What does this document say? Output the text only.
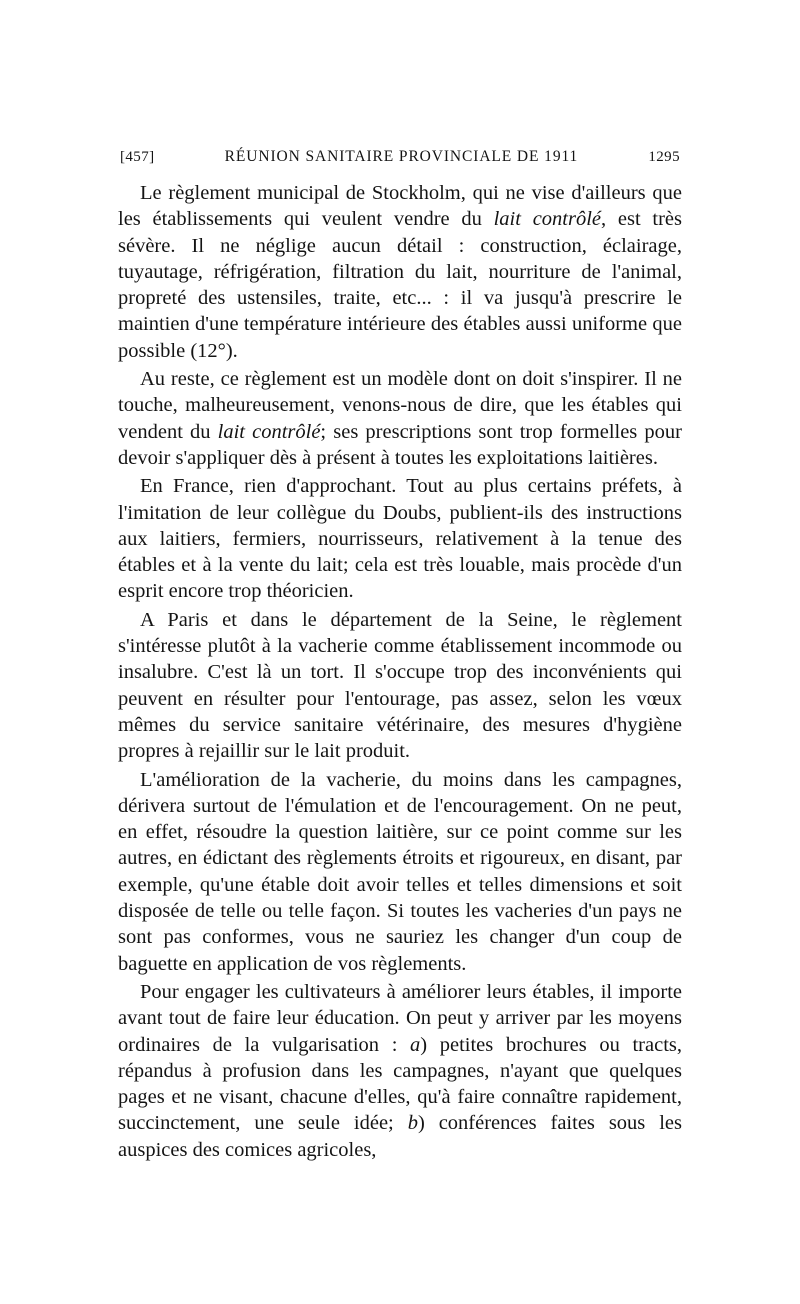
[457]	RÉUNION SANITAIRE PROVINCIALE DE 1911	1295

Le règlement municipal de Stockholm, qui ne vise d'ailleurs que les établissements qui veulent vendre du lait contrôlé, est très sévère. Il ne néglige aucun détail : construction, éclairage, tuyautage, réfrigération, filtration du lait, nourriture de l'animal, propreté des ustensiles, traite, etc... : il va jusqu'à prescrire le maintien d'une température intérieure des étables aussi uniforme que possible (12°).

Au reste, ce règlement est un modèle dont on doit s'inspirer. Il ne touche, malheureusement, venons-nous de dire, que les étables qui vendent du lait contrôlé; ses prescriptions sont trop formelles pour devoir s'appliquer dès à présent à toutes les exploitations laitières.

En France, rien d'approchant. Tout au plus certains préfets, à l'imitation de leur collègue du Doubs, publient-ils des instructions aux laitiers, fermiers, nourrisseurs, relativement à la tenue des étables et à la vente du lait; cela est très louable, mais procède d'un esprit encore trop théoricien.

A Paris et dans le département de la Seine, le règlement s'intéresse plutôt à la vacherie comme établissement incommode ou insalubre. C'est là un tort. Il s'occupe trop des inconvénients qui peuvent en résulter pour l'entourage, pas assez, selon les vœux mêmes du service sanitaire vétérinaire, des mesures d'hygiène propres à rejaillir sur le lait produit.

L'amélioration de la vacherie, du moins dans les campagnes, dérivera surtout de l'émulation et de l'encouragement. On ne peut, en effet, résoudre la question laitière, sur ce point comme sur les autres, en édictant des règlements étroits et rigoureux, en disant, par exemple, qu'une étable doit avoir telles et telles dimensions et soit disposée de telle ou telle façon. Si toutes les vacheries d'un pays ne sont pas conformes, vous ne sauriez les changer d'un coup de baguette en application de vos règlements.

Pour engager les cultivateurs à améliorer leurs étables, il importe avant tout de faire leur éducation. On peut y arriver par les moyens ordinaires de la vulgarisation : a) petites brochures ou tracts, répandus à profusion dans les campagnes, n'ayant que quelques pages et ne visant, chacune d'elles, qu'à faire connaître rapidement, succinctement, une seule idée; b) conférences faites sous les auspices des comices agricoles,
